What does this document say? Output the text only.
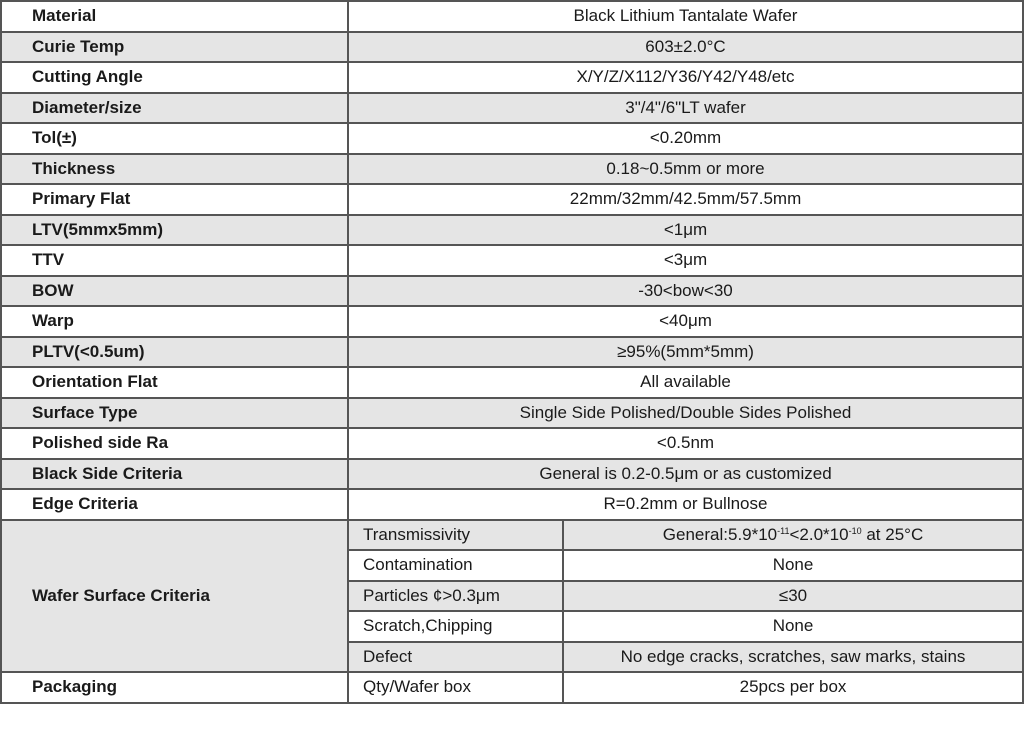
Material	Black Lithium Tantalate Wafer	
Curie Temp	603±2.0°C	
Cutting Angle	X/Y/Z/X112/Y36/Y42/Y48/etc	
Diameter/size	3"/4"/6"LT wafer	
Tol(±)	<0.20mm	
Thickness	0.18~0.5mm or more	
Primary Flat	22mm/32mm/42.5mm/57.5mm	
LTV(5mmx5mm)	<1μm	
TTV	<3μm	
BOW	-30<bow<30	
Warp	<40μm	
PLTV(<0.5um)	≥95%(5mm*5mm)	
Orientation Flat	All available	
Surface Type	Single Side Polished/Double Sides Polished	
Polished side Ra	<0.5nm	
Black Side Criteria	General is 0.2-0.5μm or as customized	
Edge Criteria	R=0.2mm or Bullnose	
Wafer Surface Criteria	Transmissivity	$General:5.9*10^{-11}<2.0*10^{-10}$ at 25°C
	Contamination	None
	Particles ¢>0.3μm	≤30
	Scratch,Chipping	None
	Defect	No edge cracks, scratches, saw marks, stains
Packaging	Qty/Wafer box	25pcs per box
